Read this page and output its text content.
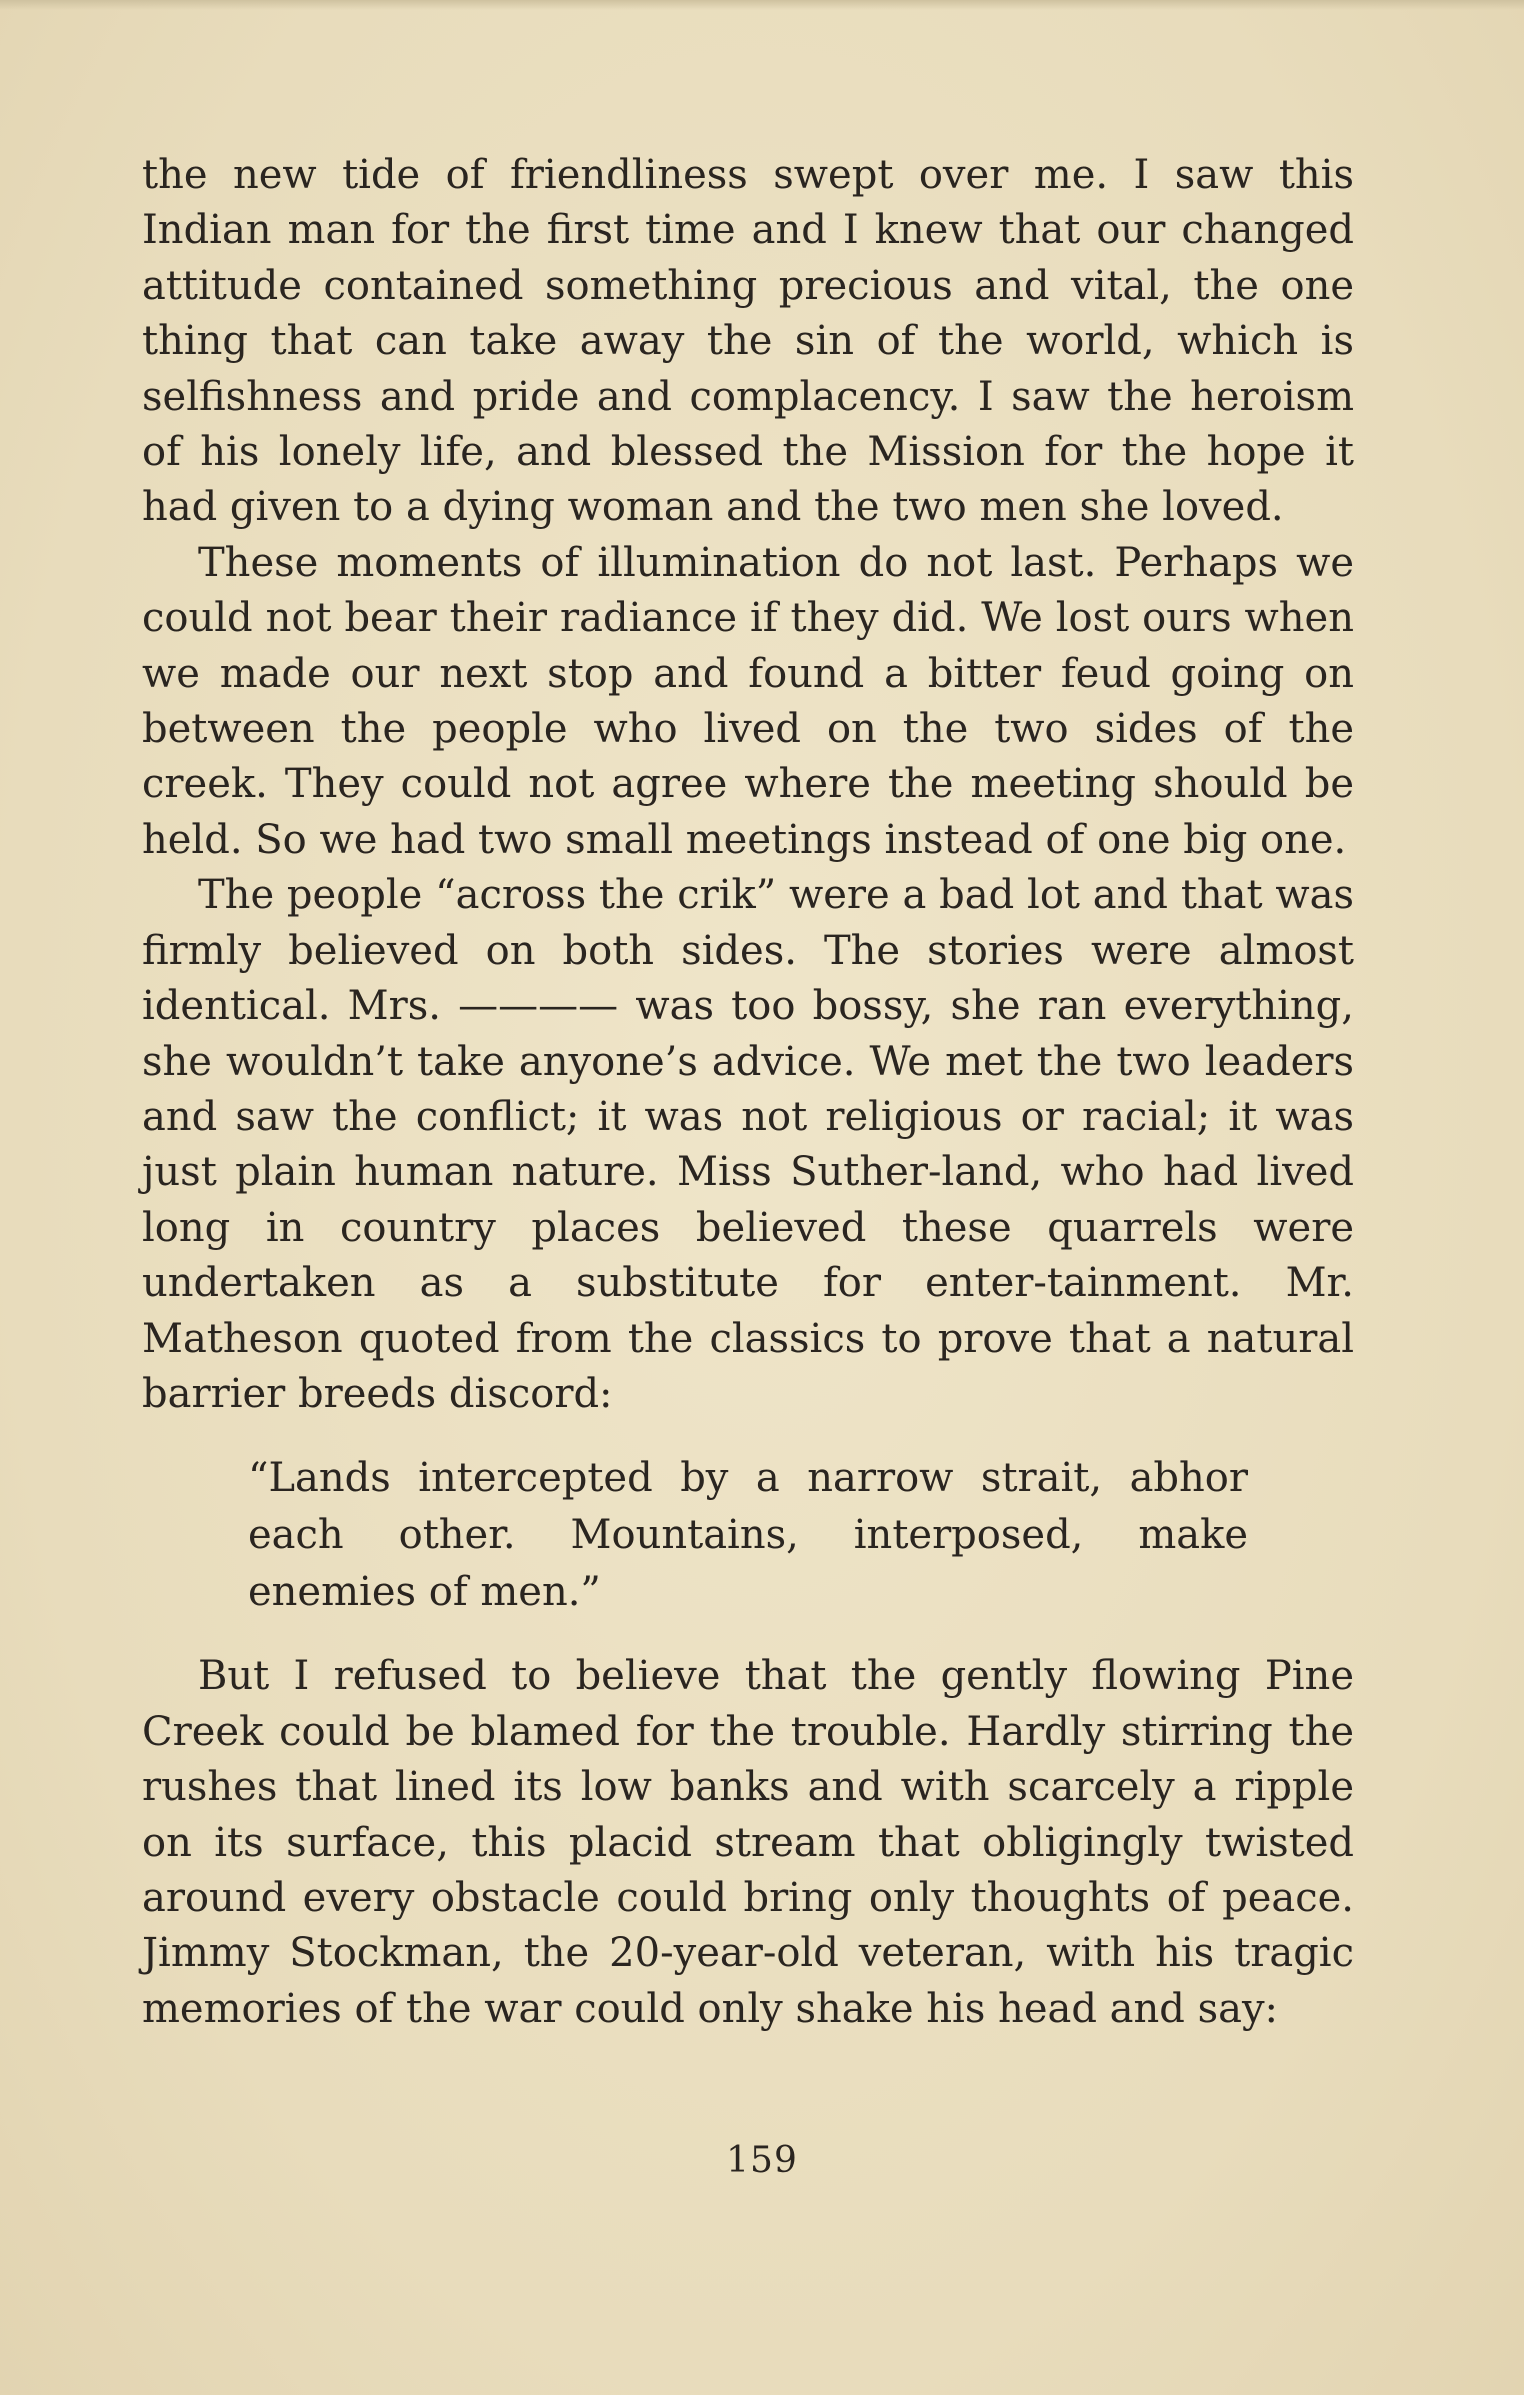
the new tide of friendliness swept over me. I saw this Indian man for the first time and I knew that our changed attitude contained something precious and vital, the one thing that can take away the sin of the world, which is selfishness and pride and complacency. I saw the heroism of his lonely life, and blessed the Mission for the hope it had given to a dying woman and the two men she loved.

These moments of illumination do not last. Perhaps we could not bear their radiance if they did. We lost ours when we made our next stop and found a bitter feud going on between the people who lived on the two sides of the creek. They could not agree where the meeting should be held. So we had two small meetings instead of one big one.

The people “across the crik” were a bad lot and that was firmly believed on both sides. The stories were almost identical. Mrs. ———— was too bossy, she ran everything, she wouldn’t take anyone’s advice. We met the two leaders and saw the conflict; it was not religious or racial; it was just plain human nature. Miss Suther-land, who had lived long in country places believed these quarrels were undertaken as a substitute for enter-tainment. Mr. Matheson quoted from the classics to prove that a natural barrier breeds discord:

“Lands intercepted by a narrow strait, abhor each other. Mountains, interposed, make enemies of men.”

But I refused to believe that the gently flowing Pine Creek could be blamed for the trouble. Hardly stirring the rushes that lined its low banks and with scarcely a ripple on its surface, this placid stream that obligingly twisted around every obstacle could bring only thoughts of peace. Jimmy Stockman, the 20-year-old veteran, with his tragic memories of the war could only shake his head and say:

159
